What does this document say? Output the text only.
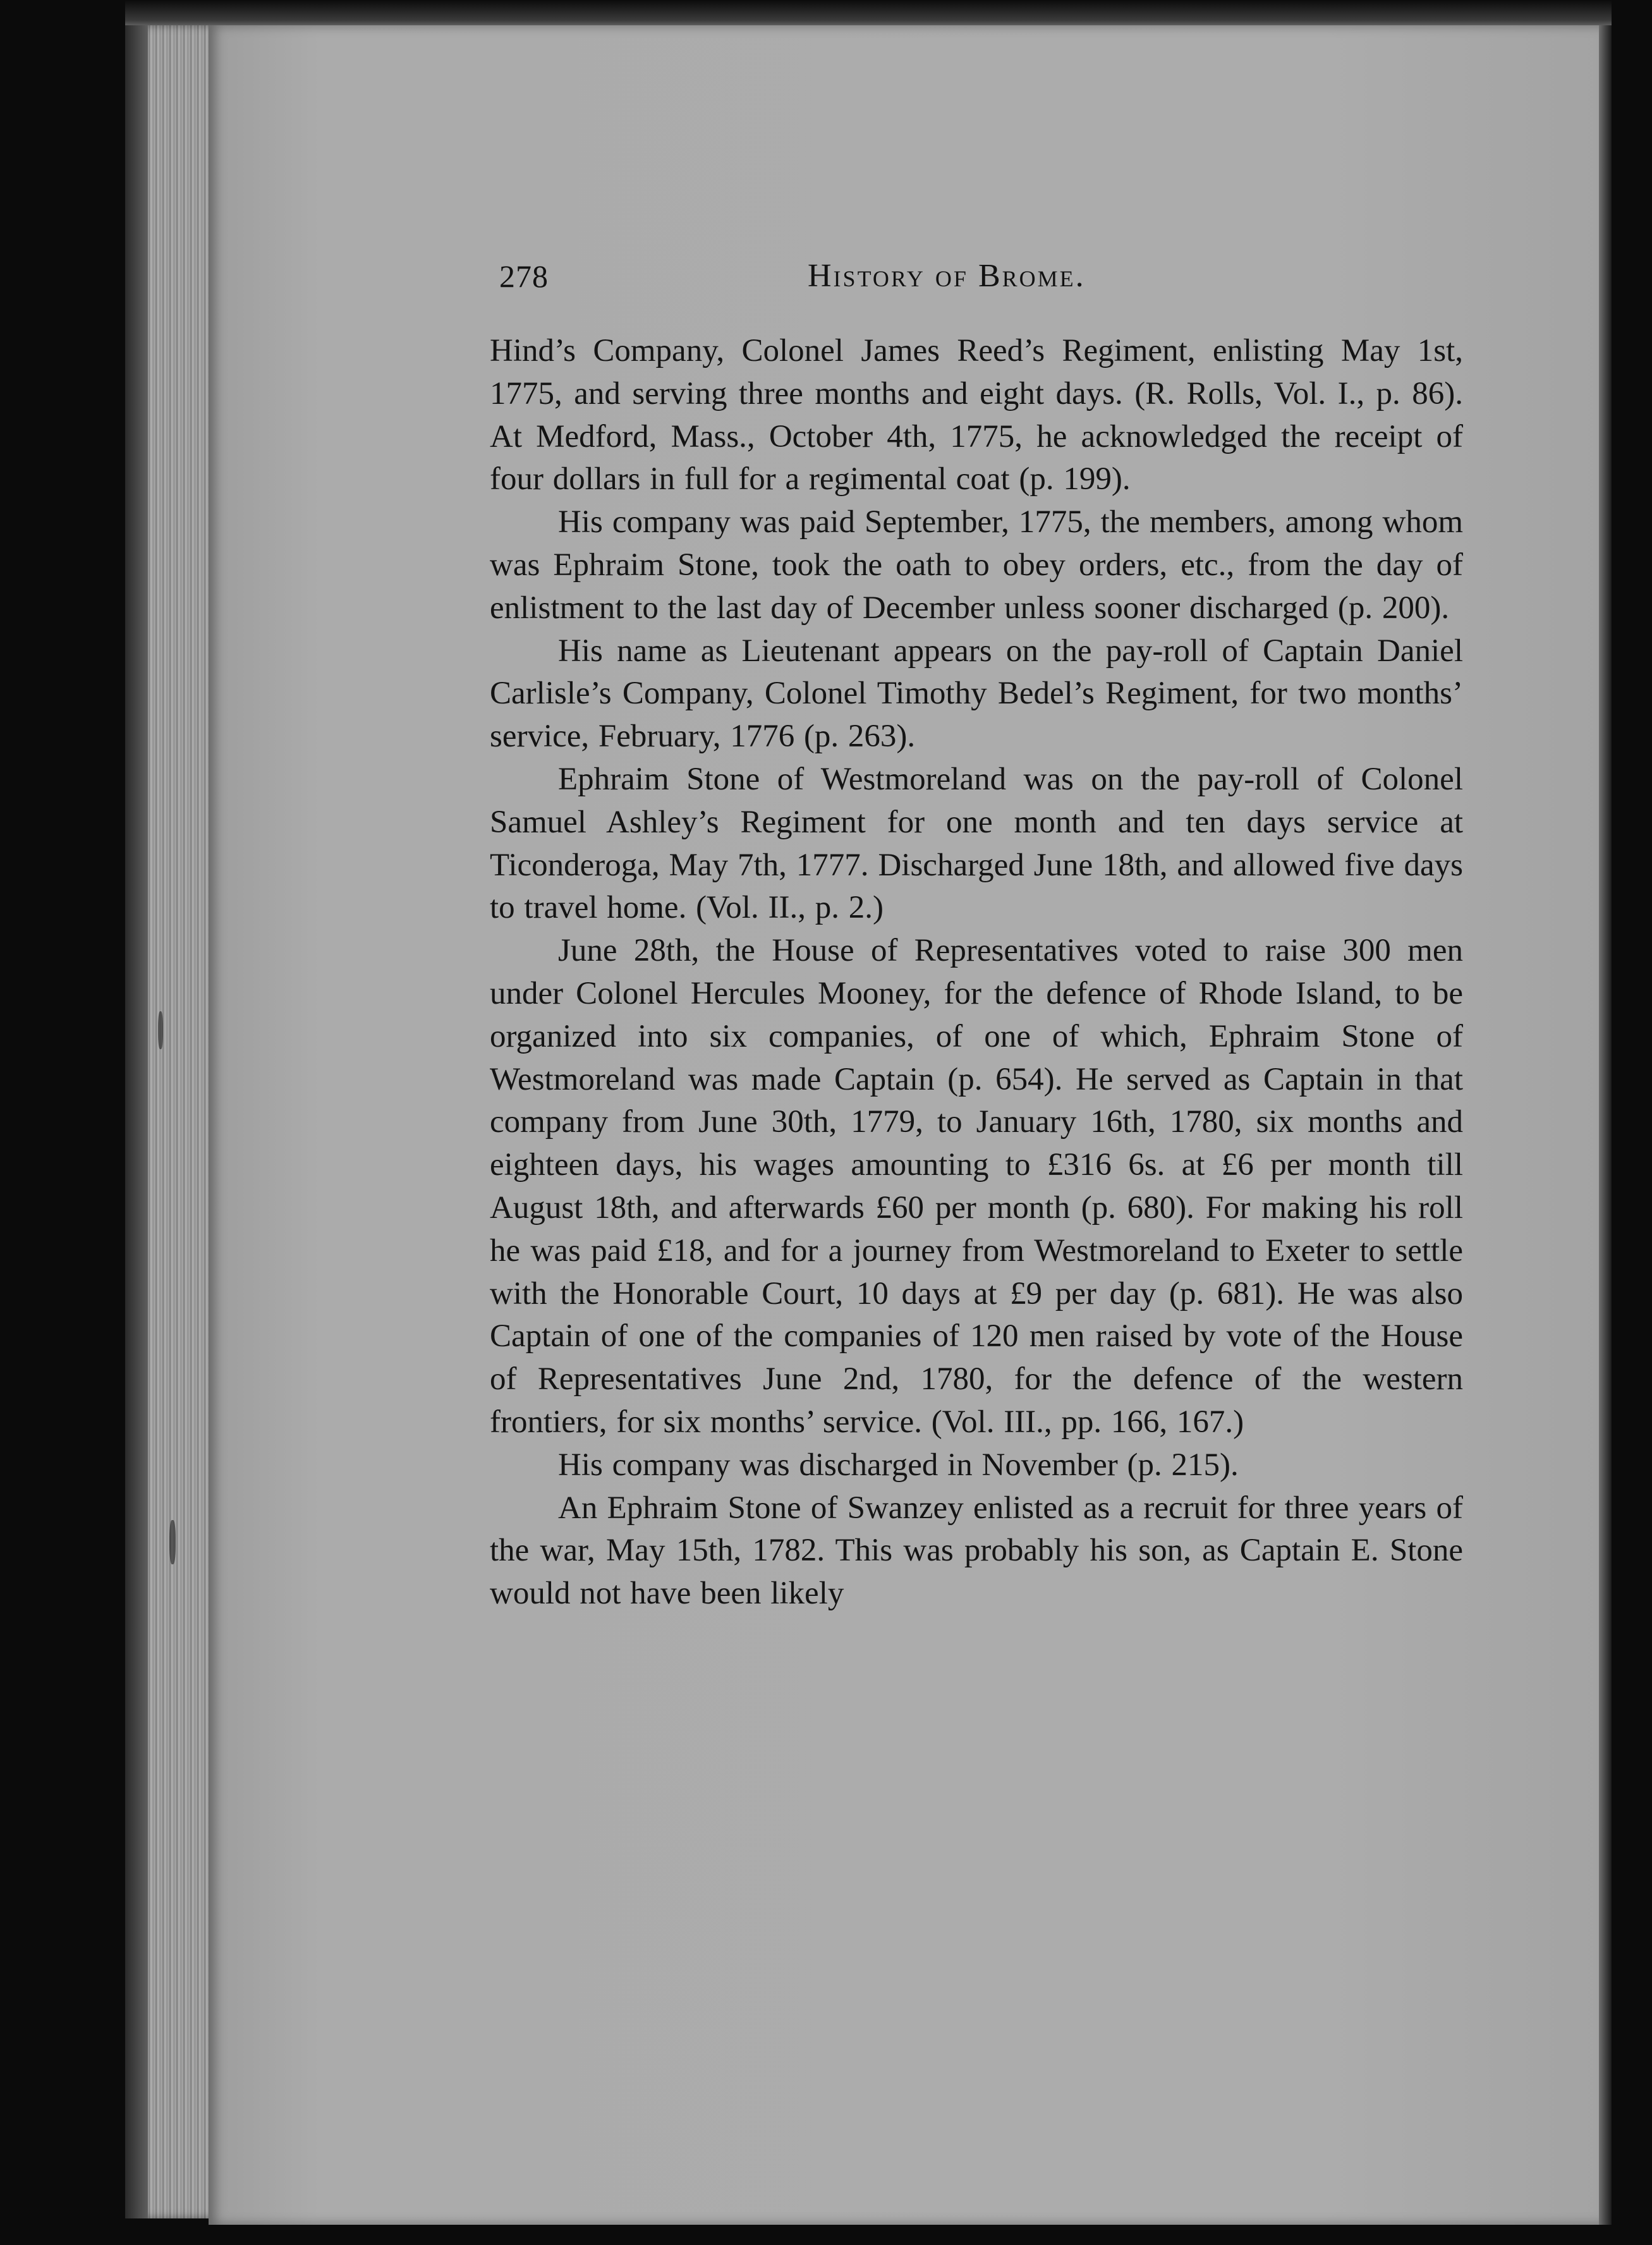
278	History of Brome.

Hind’s Company, Colonel James Reed’s Regiment, enlisting May 1st, 1775, and serving three months and eight days. (R. Rolls, Vol. I., p. 86). At Medford, Mass., October 4th, 1775, he acknowledged the receipt of four dollars in full for a regimental coat (p. 199).

His company was paid September, 1775, the members, among whom was Ephraim Stone, took the oath to obey orders, etc., from the day of enlistment to the last day of December unless sooner discharged (p. 200).

His name as Lieutenant appears on the pay-roll of Captain Daniel Carlisle’s Company, Colonel Timothy Bedel’s Regiment, for two months’ service, February, 1776 (p. 263).

Ephraim Stone of Westmoreland was on the pay-roll of Colonel Samuel Ashley’s Regiment for one month and ten days service at Ticonderoga, May 7th, 1777. Discharged June 18th, and allowed five days to travel home. (Vol. II., p. 2.)

June 28th, the House of Representatives voted to raise 300 men under Colonel Hercules Mooney, for the defence of Rhode Island, to be organized into six companies, of one of which, Ephraim Stone of Westmoreland was made Captain (p. 654). He served as Captain in that company from June 30th, 1779, to January 16th, 1780, six months and eighteen days, his wages amounting to £316 6s. at £6 per month till August 18th, and afterwards £60 per month (p. 680). For making his roll he was paid £18, and for a journey from Westmoreland to Exeter to settle with the Honorable Court, 10 days at £9 per day (p. 681). He was also Captain of one of the companies of 120 men raised by vote of the House of Representatives June 2nd, 1780, for the defence of the western frontiers, for six months’ service. (Vol. III., pp. 166, 167.)

His company was discharged in November (p. 215).

An Ephraim Stone of Swanzey enlisted as a recruit for three years of the war, May 15th, 1782. This was probably his son, as Captain E. Stone would not have been likely
